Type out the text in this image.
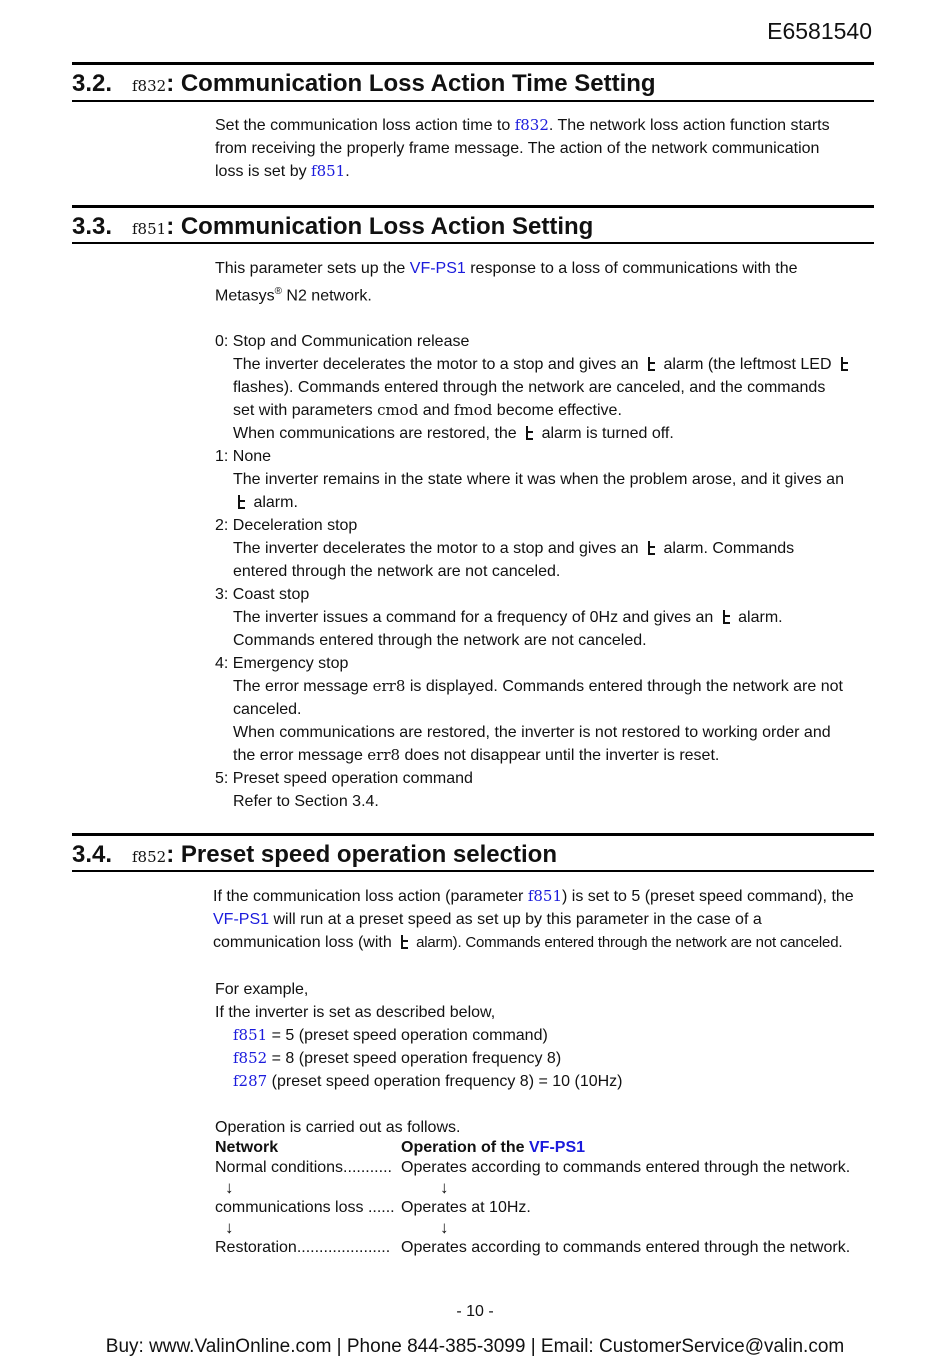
E6581540
3.2. f832: Communication Loss Action Time Setting
Set the communication loss action time to f832. The network loss action function starts
from receiving the properly frame message. The action of the network communication
loss is set by f851.
3.3. f851: Communication Loss Action Setting
This parameter sets up the VF-PS1 response to a loss of communications with the
Metasys® N2 network.
0: Stop and Communication release
The inverter decelerates the motor to a stop and gives an  alarm (the leftmost LED
flashes). Commands entered through the network are canceled, and the commands
set with parameters cmod and fmod become effective.
When communications are restored, the  alarm is turned off.
1: None
The inverter remains in the state where it was when the problem arose, and it gives an
alarm.
2: Deceleration stop
The inverter decelerates the motor to a stop and gives an  alarm. Commands
entered through the network are not canceled.
3: Coast stop
The inverter issues a command for a frequency of 0Hz and gives an  alarm.
Commands entered through the network are not canceled.
4: Emergency stop
The error message err8 is displayed. Commands entered through the network are not
canceled.
When communications are restored, the inverter is not restored to working order and
the error message err8 does not disappear until the inverter is reset.
5: Preset speed operation command
Refer to Section 3.4.
3.4. f852: Preset speed operation selection
If the communication loss action (parameter f851) is set to 5 (preset speed command), the
VF-PS1 will run at a preset speed as set up by this parameter in the case of a
communication loss (with  alarm). Commands entered through the network are not canceled.
For example,
If the inverter is set as described below,
f851 = 5 (preset speed operation command)
f852 = 8 (preset speed operation frequency 8)
f287 (preset speed operation frequency 8) = 10 (10Hz)
Operation is carried out as follows.
Network	Operation of the VF-PS1
Normal conditions........... Operates according to commands entered through the network.
↓	↓
communications loss ...... Operates at 10Hz.
↓	↓
Restoration..................... Operates according to commands entered through the network.
- 10 -
Buy: www.ValinOnline.com | Phone 844-385-3099 | Email: CustomerService@valin.com
